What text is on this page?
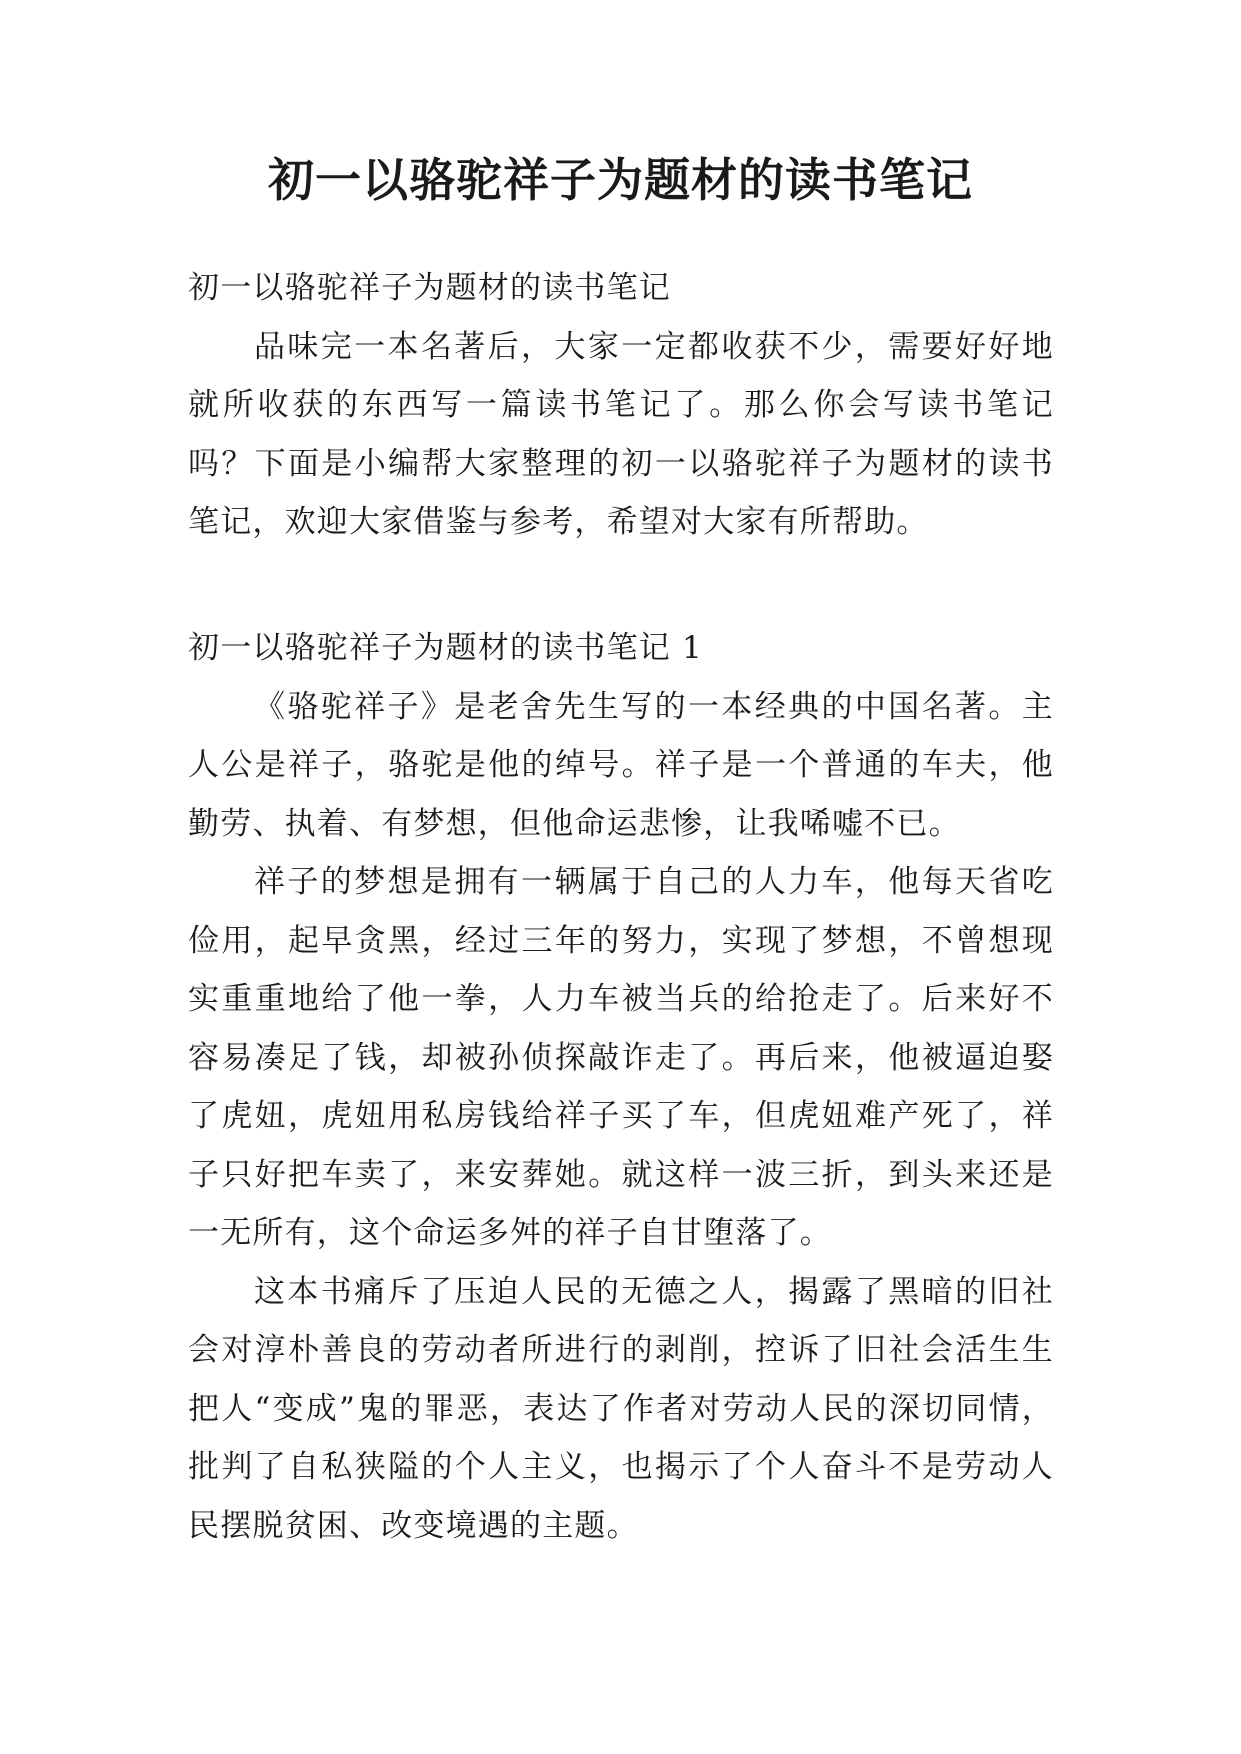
初一以骆驼祥子为题材的读书笔记

初一以骆驼祥子为题材的读书笔记

品味完一本名著后，大家一定都收获不少，需要好好地就所收获的东西写一篇读书笔记了。那么你会写读书笔记吗？下面是小编帮大家整理的初一以骆驼祥子为题材的读书笔记，欢迎大家借鉴与参考，希望对大家有所帮助。

初一以骆驼祥子为题材的读书笔记 1

《骆驼祥子》是老舍先生写的一本经典的中国名著。主人公是祥子，骆驼是他的绰号。祥子是一个普通的车夫，他勤劳、执着、有梦想，但他命运悲惨，让我唏嘘不已。

祥子的梦想是拥有一辆属于自己的人力车，他每天省吃俭用，起早贪黑，经过三年的努力，实现了梦想，不曾想现实重重地给了他一拳，人力车被当兵的给抢走了。后来好不容易凑足了钱，却被孙侦探敲诈走了。再后来，他被逼迫娶了虎妞，虎妞用私房钱给祥子买了车，但虎妞难产死了，祥子只好把车卖了，来安葬她。就这样一波三折，到头来还是一无所有，这个命运多舛的祥子自甘堕落了。

这本书痛斥了压迫人民的无德之人，揭露了黑暗的旧社会对淳朴善良的劳动者所进行的剥削，控诉了旧社会活生生把人“变成”鬼的罪恶，表达了作者对劳动人民的深切同情，批判了自私狭隘的个人主义，也揭示了个人奋斗不是劳动人民摆脱贫困、改变境遇的主题。
